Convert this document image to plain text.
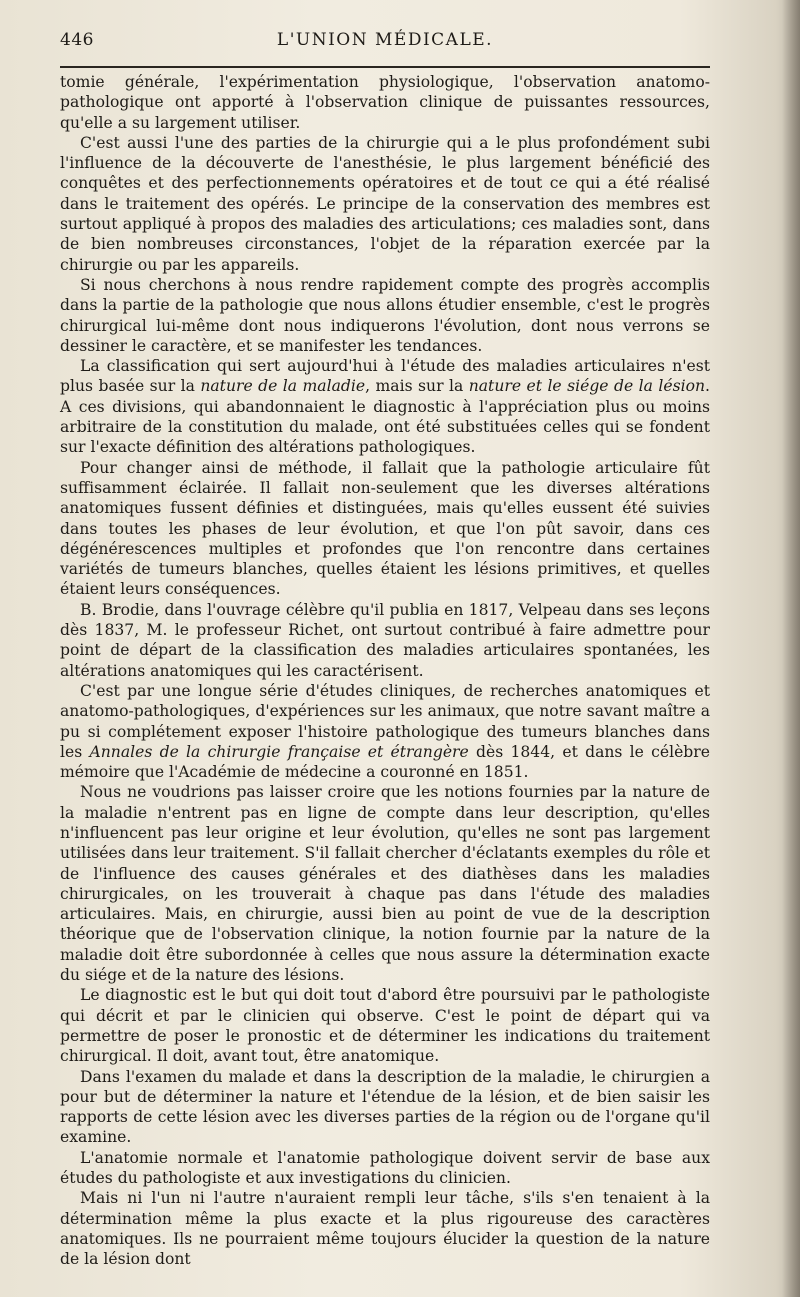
446	L'UNION MÉDICALE.

tomie générale, l'expérimentation physiologique, l'observation anatomo-pathologique ont apporté à l'observation clinique de puissantes ressources, qu'elle a su largement utiliser.

C'est aussi l'une des parties de la chirurgie qui a le plus profondément subi l'influence de la découverte de l'anesthésie, le plus largement bénéficié des conquêtes et des perfectionnements opératoires et de tout ce qui a été réalisé dans le traitement des opérés. Le principe de la conservation des membres est surtout appliqué à propos des maladies des articulations; ces maladies sont, dans de bien nombreuses circonstances, l'objet de la réparation exercée par la chirurgie ou par les appareils.

Si nous cherchons à nous rendre rapidement compte des progrès accomplis dans la partie de la pathologie que nous allons étudier ensemble, c'est le progrès chirurgical lui-même dont nous indiquerons l'évolution, dont nous verrons se dessiner le caractère, et se manifester les tendances.

La classification qui sert aujourd'hui à l'étude des maladies articulaires n'est plus basée sur la nature de la maladie, mais sur la nature et le siége de la lésion. A ces divisions, qui abandonnaient le diagnostic à l'appréciation plus ou moins arbitraire de la constitution du malade, ont été substituées celles qui se fondent sur l'exacte définition des altérations pathologiques.

Pour changer ainsi de méthode, il fallait que la pathologie articulaire fût suffisamment éclairée. Il fallait non-seulement que les diverses altérations anatomiques fussent définies et distinguées, mais qu'elles eussent été suivies dans toutes les phases de leur évolution, et que l'on pût savoir, dans ces dégénérescences multiples et profondes que l'on rencontre dans certaines variétés de tumeurs blanches, quelles étaient les lésions primitives, et quelles étaient leurs conséquences.

B. Brodie, dans l'ouvrage célèbre qu'il publia en 1817, Velpeau dans ses leçons dès 1837, M. le professeur Richet, ont surtout contribué à faire admettre pour point de départ de la classification des maladies articulaires spontanées, les altérations anatomiques qui les caractérisent.

C'est par une longue série d'études cliniques, de recherches anatomiques et anatomo-pathologiques, d'expériences sur les animaux, que notre savant maître a pu si complétement exposer l'histoire pathologique des tumeurs blanches dans les Annales de la chirurgie française et étrangère dès 1844, et dans le célèbre mémoire que l'Académie de médecine a couronné en 1851.

Nous ne voudrions pas laisser croire que les notions fournies par la nature de la maladie n'entrent pas en ligne de compte dans leur description, qu'elles n'influencent pas leur origine et leur évolution, qu'elles ne sont pas largement utilisées dans leur traitement. S'il fallait chercher d'éclatants exemples du rôle et de l'influence des causes générales et des diathèses dans les maladies chirurgicales, on les trouverait à chaque pas dans l'étude des maladies articulaires. Mais, en chirurgie, aussi bien au point de vue de la description théorique que de l'observation clinique, la notion fournie par la nature de la maladie doit être subordonnée à celles que nous assure la détermination exacte du siége et de la nature des lésions.

Le diagnostic est le but qui doit tout d'abord être poursuivi par le pathologiste qui décrit et par le clinicien qui observe. C'est le point de départ qui va permettre de poser le pronostic et de déterminer les indications du traitement chirurgical. Il doit, avant tout, être anatomique.

Dans l'examen du malade et dans la description de la maladie, le chirurgien a pour but de déterminer la nature et l'étendue de la lésion, et de bien saisir les rapports de cette lésion avec les diverses parties de la région ou de l'organe qu'il examine.

L'anatomie normale et l'anatomie pathologique doivent servir de base aux études du pathologiste et aux investigations du clinicien.

Mais ni l'un ni l'autre n'auraient rempli leur tâche, s'ils s'en tenaient à la détermination même la plus exacte et la plus rigoureuse des caractères anatomiques. Ils ne pourraient même toujours élucider la question de la nature de la lésion dont
